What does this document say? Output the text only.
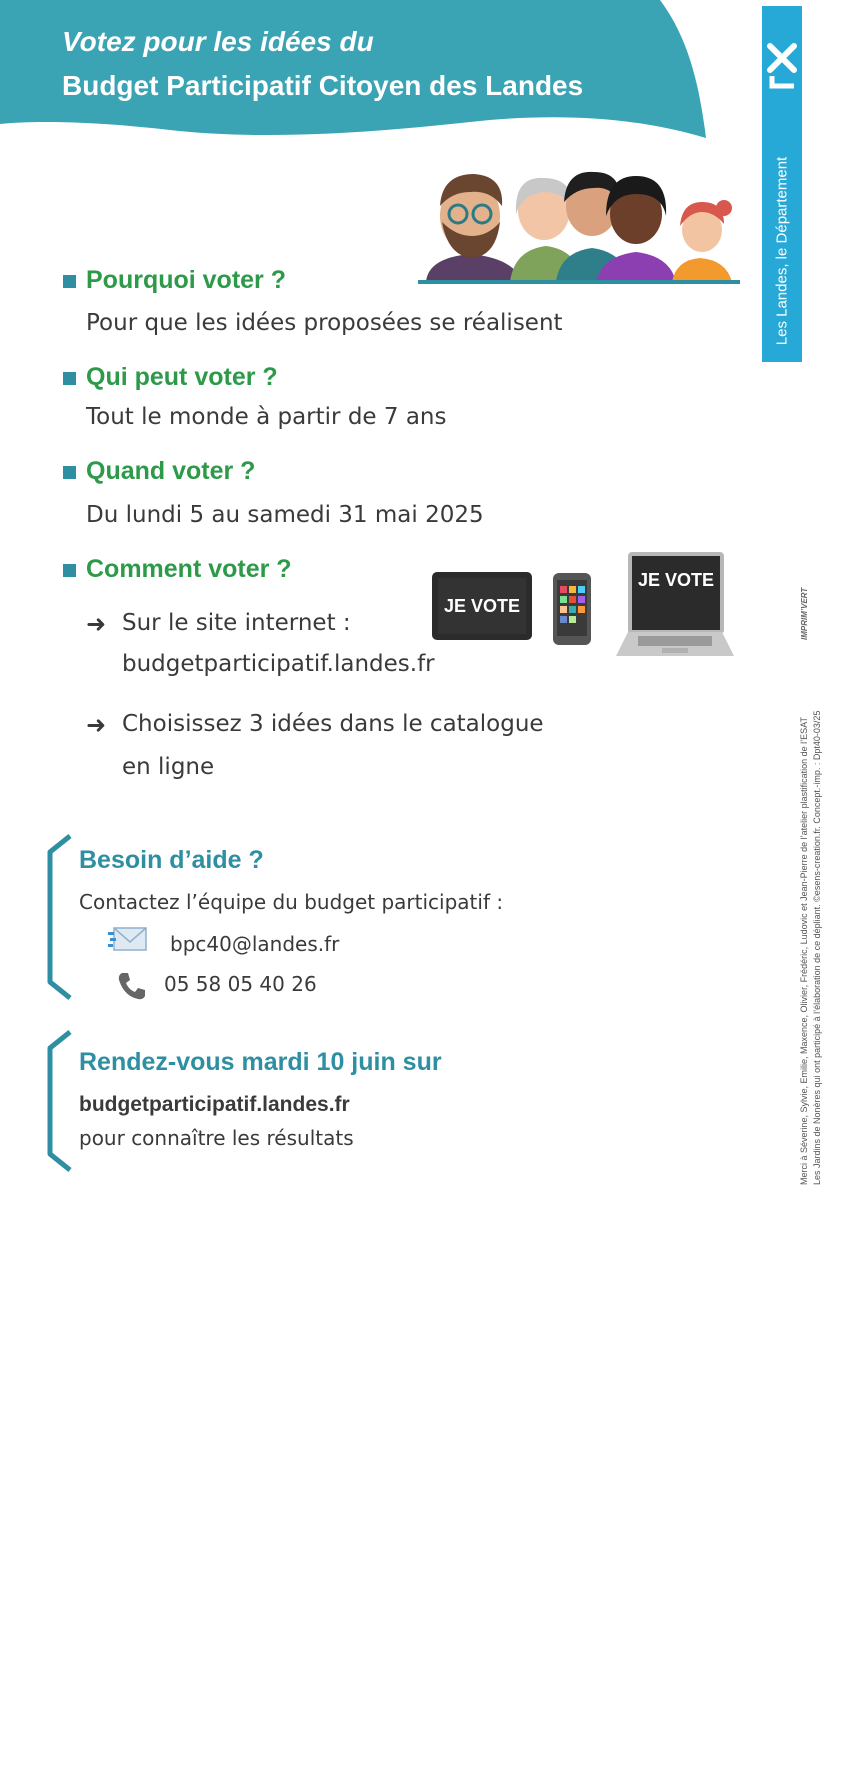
Votez pour les idées du
Budget Participatif Citoyen des Landes
Les Landes, le Département
Pourquoi voter ?
Pour que les idées proposées se réalisent
Qui peut voter ?
Tout le monde à partir de 7 ans
Quand voter ?
Du lundi 5 au samedi 31 mai 2025
Comment voter ?
➜ Sur le site internet :
budgetparticipatif.landes.fr
➜ Choisissez 3 idées dans le catalogue
en ligne
JE VOTE
JE VOTE
Besoin d’aide ?
Contactez l’équipe du budget participatif :
bpc40@landes.fr
05 58 05 40 26
Rendez-vous mardi 10 juin sur
budgetparticipatif.landes.fr
pour connaître les résultats	Merci à Séverine, Sylvie, Emilie, Maxence, Olivier, Frédéric, Ludovic et Jean-Pierre de l’atelier plastification de l’ESAT Les Jardins de Nonères qui ont participé à l’élaboration de ce dépliant. ©esens-creation.fr. Concept.-imp. : Dpt40-03/25
IMPRIM’VERT
